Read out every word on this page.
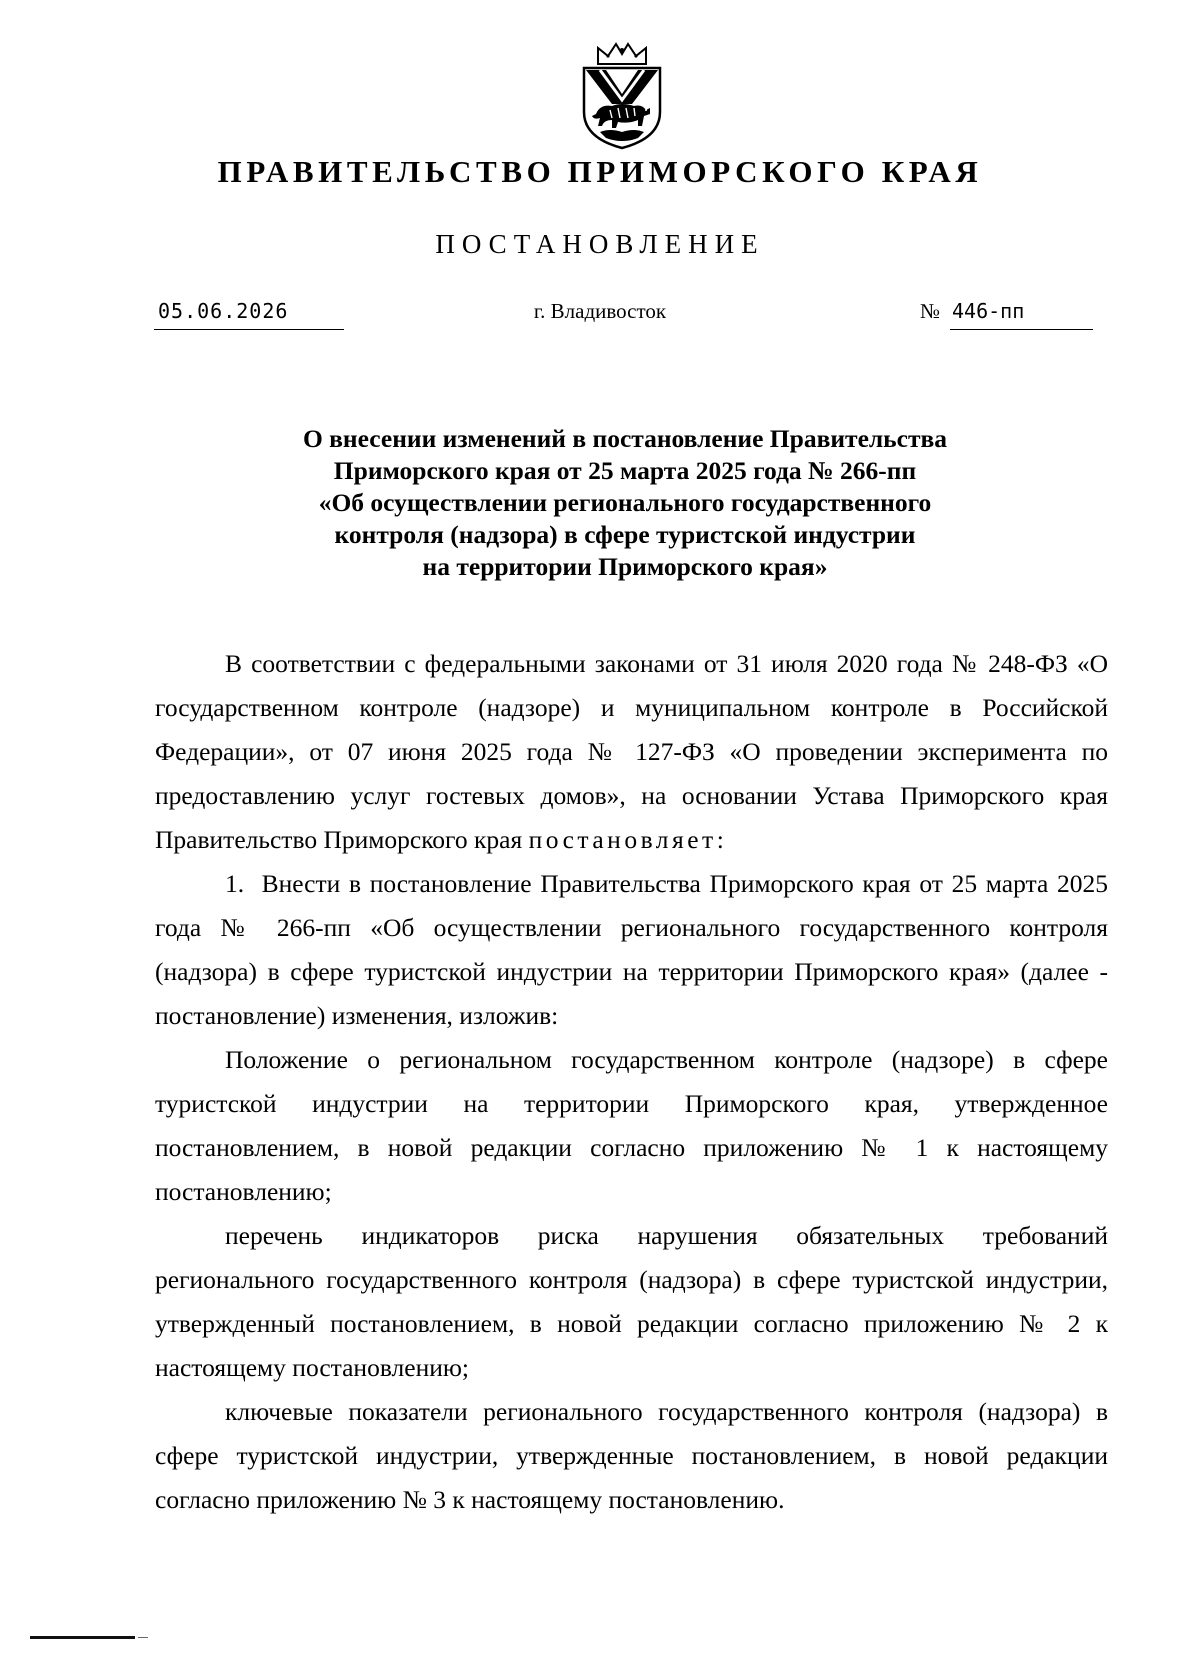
ПРАВИТЕЛЬСТВО ПРИМОРСКОГО КРАЯ
ПОСТАНОВЛЕНИЕ
05.06.2026	г. Владивосток	№ 446-пп
О внесении изменений в постановление Правительства
Приморского края от 25 марта 2025 года № 266-пп
«Об осуществлении регионального государственного
контроля (надзора) в сфере туристской индустрии
на территории Приморского края»

В соответствии с федеральными законами от 31 июля 2020 года № 248-ФЗ «О государственном контроле (надзоре) и муниципальном контроле в Российской Федерации», от 07 июня 2025 года № 127-ФЗ «О проведении эксперимента по предоставлению услуг гостевых домов», на основании Устава Приморского края Правительство Приморского края постановляет:

1. Внести в постановление Правительства Приморского края от 25 марта 2025 года № 266-пп «Об осуществлении регионального государственного контроля (надзора) в сфере туристской индустрии на территории Приморского края» (далее - постановление) изменения, изложив:

Положение о региональном государственном контроле (надзоре) в сфере туристской индустрии на территории Приморского края, утвержденное постановлением, в новой редакции согласно приложению № 1 к настоящему постановлению;

перечень индикаторов риска нарушения обязательных требований регионального государственного контроля (надзора) в сфере туристской индустрии, утвержденный постановлением, в новой редакции согласно приложению № 2 к настоящему постановлению;

ключевые показатели регионального государственного контроля (надзора) в сфере туристской индустрии, утвержденные постановлением, в новой редакции согласно приложению № 3 к настоящему постановлению.
